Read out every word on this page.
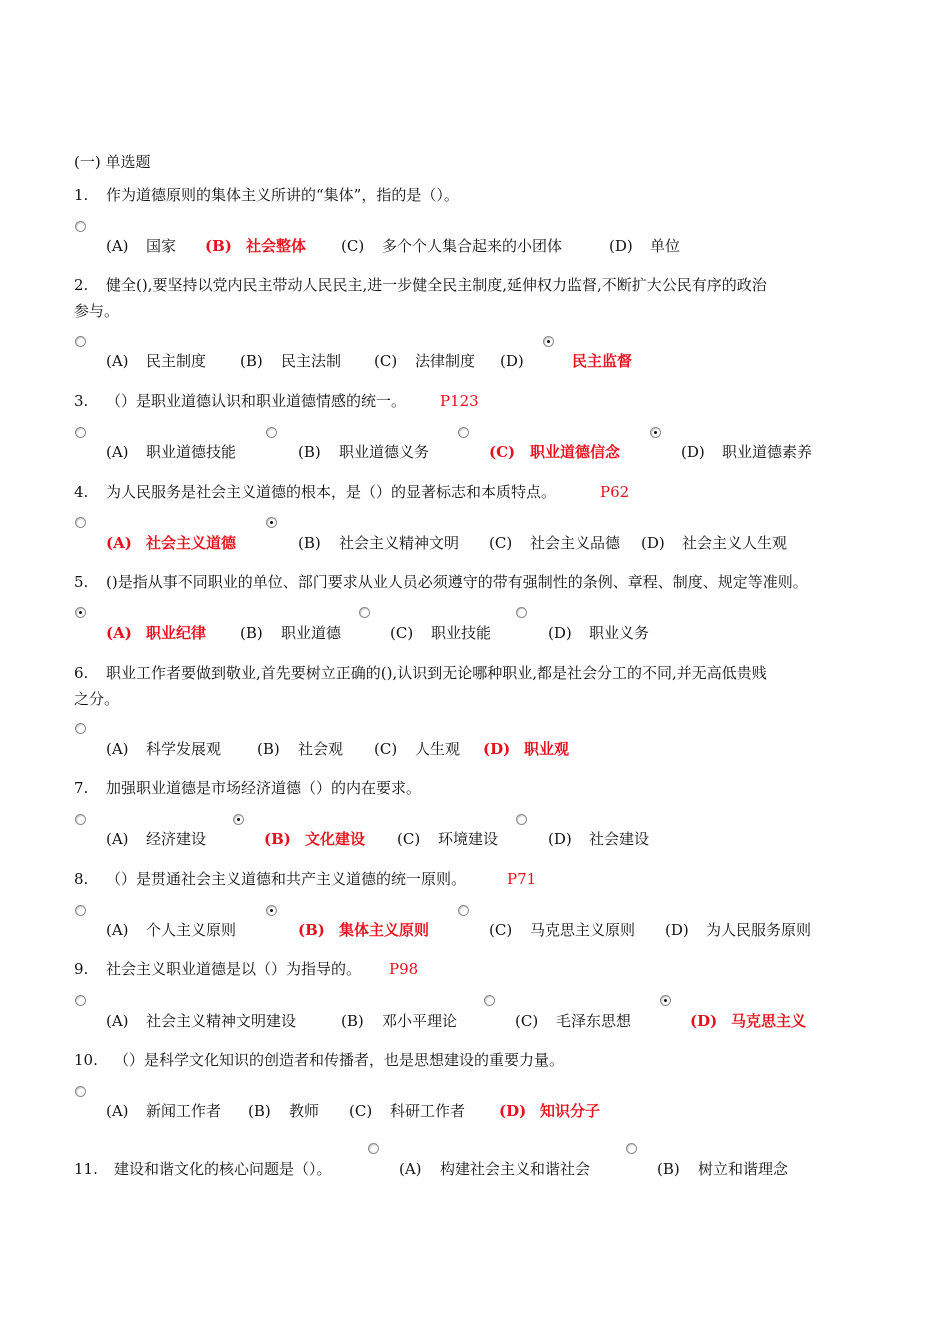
(一) 单选题
1. 作为道德原则的集体主义所讲的“集体”，指的是（）。
(A) 国家 (B) 社会整体 (C) 多个个人集合起来的小团体	(D) 单位
2. 健全(),要坚持以党内民主带动人民民主,进一步健全民主制度,延伸权力监督,不断扩大公民有序的政治
参与。
(A) 民主制度 (B) 民主法制 (C) 法律制度 (D)	民主监督
3. （）是职业道德认识和职业道德情感的统一。 P123
(A) 职业道德技能	(B) 职业道德义务	(C) 职业道德信念	(D) 职业道德素养
4. 为人民服务是社会主义道德的根本，是（）的显著标志和本质特点。	P62
(A) 社会主义道德	(B) 社会主义精神文明 (C) 社会主义品德 (D) 社会主义人生观
5. ()是指从事不同职业的单位、部门要求从业人员必须遵守的带有强制性的条例、章程、制度、规定等准则。
(A) 职业纪律 (B) 职业道德	(C) 职业技能	(D) 职业义务
6. 职业工作者要做到敬业,首先要树立正确的(),认识到无论哪种职业,都是社会分工的不同,并无高低贵贱
之分。
(A) 科学发展观 (B) 社会观 (C) 人生观 (D) 职业观
7. 加强职业道德是市场经济道德（）的内在要求。
(A) 经济建设	(B) 文化建设 (C) 环境建设	(D) 社会建设
8. （）是贯通社会主义道德和共产主义道德的统一原则。	P71
(A) 个人主义原则	(B) 集体主义原则	(C) 马克思主义原则 (D) 为人民服务原则
9. 社会主义职业道德是以（）为指导的。 P98
(A) 社会主义精神文明建设	(B) 邓小平理论	(C) 毛泽东思想	(D) 马克思主义
10. （）是科学文化知识的创造者和传播者，也是思想建设的重要力量。
(A) 新闻工作者 (B) 教师 (C) 科研工作者 (D) 知识分子
11. 建设和谐文化的核心问题是（）。	(A) 构建社会主义和谐社会	(B) 树立和谐理念
